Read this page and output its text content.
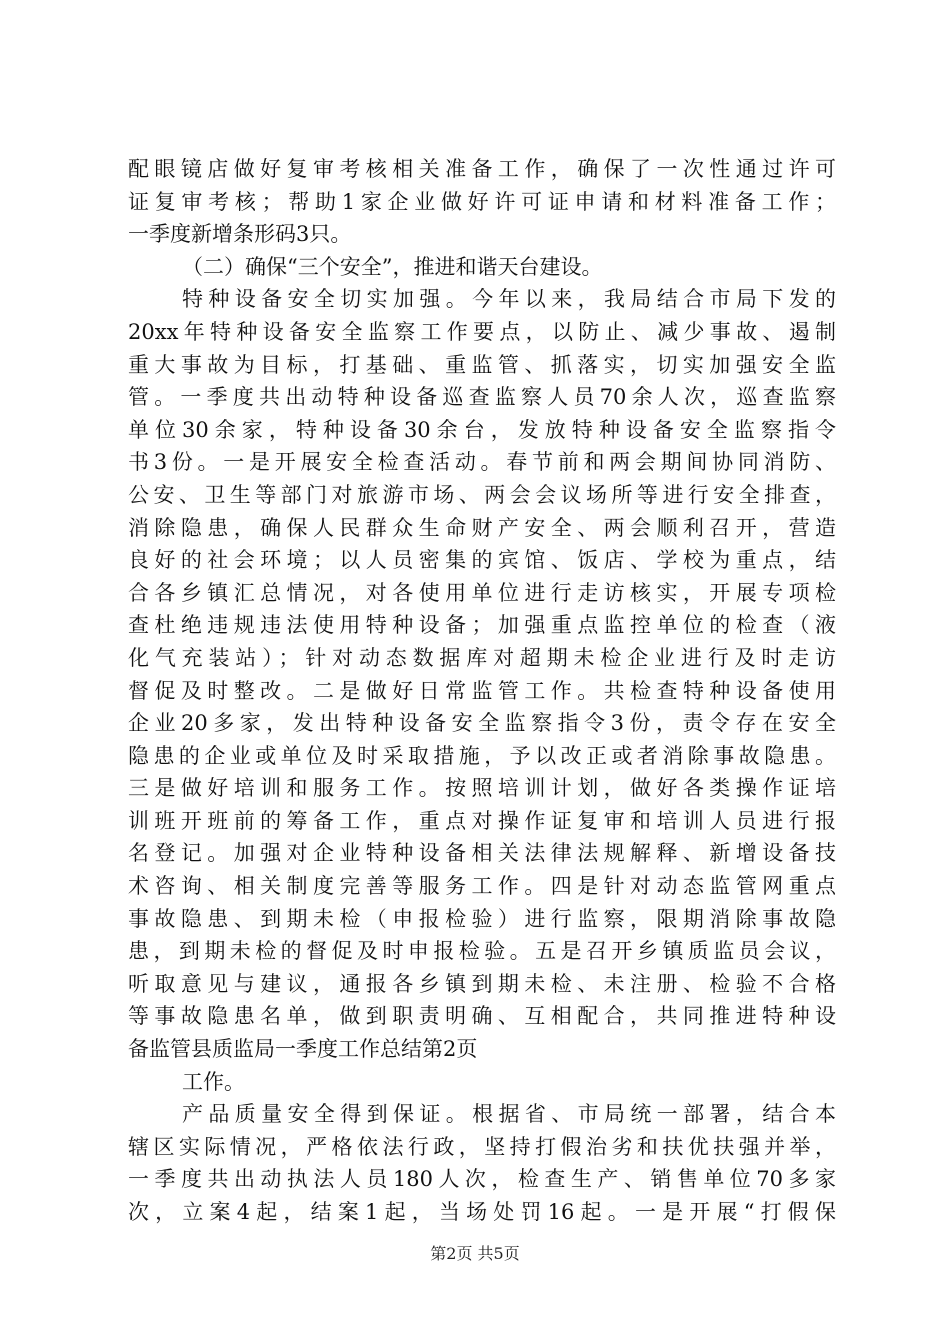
配眼镜店做好复审考核相关准备工作，确保了一次性通过许可

证复审考核；帮助1家企业做好许可证申请和材料准备工作；

一季度新增条形码3只。

（二）确保“三个安全”，推进和谐天台建设。

特种设备安全切实加强。今年以来，我局结合市局下发的

20xx年特种设备安全监察工作要点，以防止、减少事故、遏制

重大事故为目标，打基础、重监管、抓落实，切实加强安全监

管。一季度共出动特种设备巡查监察人员70余人次，巡查监察

单位30余家，特种设备30余台，发放特种设备安全监察指令

书3份。一是开展安全检查活动。春节前和两会期间协同消防、

公安、卫生等部门对旅游市场、两会会议场所等进行安全排查，

消除隐患，确保人民群众生命财产安全、两会顺利召开，营造

良好的社会环境；以人员密集的宾馆、饭店、学校为重点，结

合各乡镇汇总情况，对各使用单位进行走访核实，开展专项检

查杜绝违规违法使用特种设备；加强重点监控单位的检查（液

化气充装站）；针对动态数据库对超期未检企业进行及时走访

督促及时整改。二是做好日常监管工作。共检查特种设备使用

企业20多家，发出特种设备安全监察指令3份，责令存在安全

隐患的企业或单位及时采取措施，予以改正或者消除事故隐患。

三是做好培训和服务工作。按照培训计划，做好各类操作证培

训班开班前的筹备工作，重点对操作证复审和培训人员进行报

名登记。加强对企业特种设备相关法律法规解释、新增设备技

术咨询、相关制度完善等服务工作。四是针对动态监管网重点

事故隐患、到期未检（申报检验）进行监察，限期消除事故隐

患，到期未检的督促及时申报检验。五是召开乡镇质监员会议，

听取意见与建议，通报各乡镇到期未检、未注册、检验不合格

等事故隐患名单，做到职责明确、互相配合，共同推进特种设

备监管县质监局一季度工作总结第2页

工作。

产品质量安全得到保证。根据省、市局统一部署，结合本

辖区实际情况，严格依法行政，坚持打假治劣和扶优扶强并举，

一季度共出动执法人员180人次，检查生产、销售单位70多家

次，立案4起，结案1起，当场处罚16起。一是开展“打假保

第2页 共5页
